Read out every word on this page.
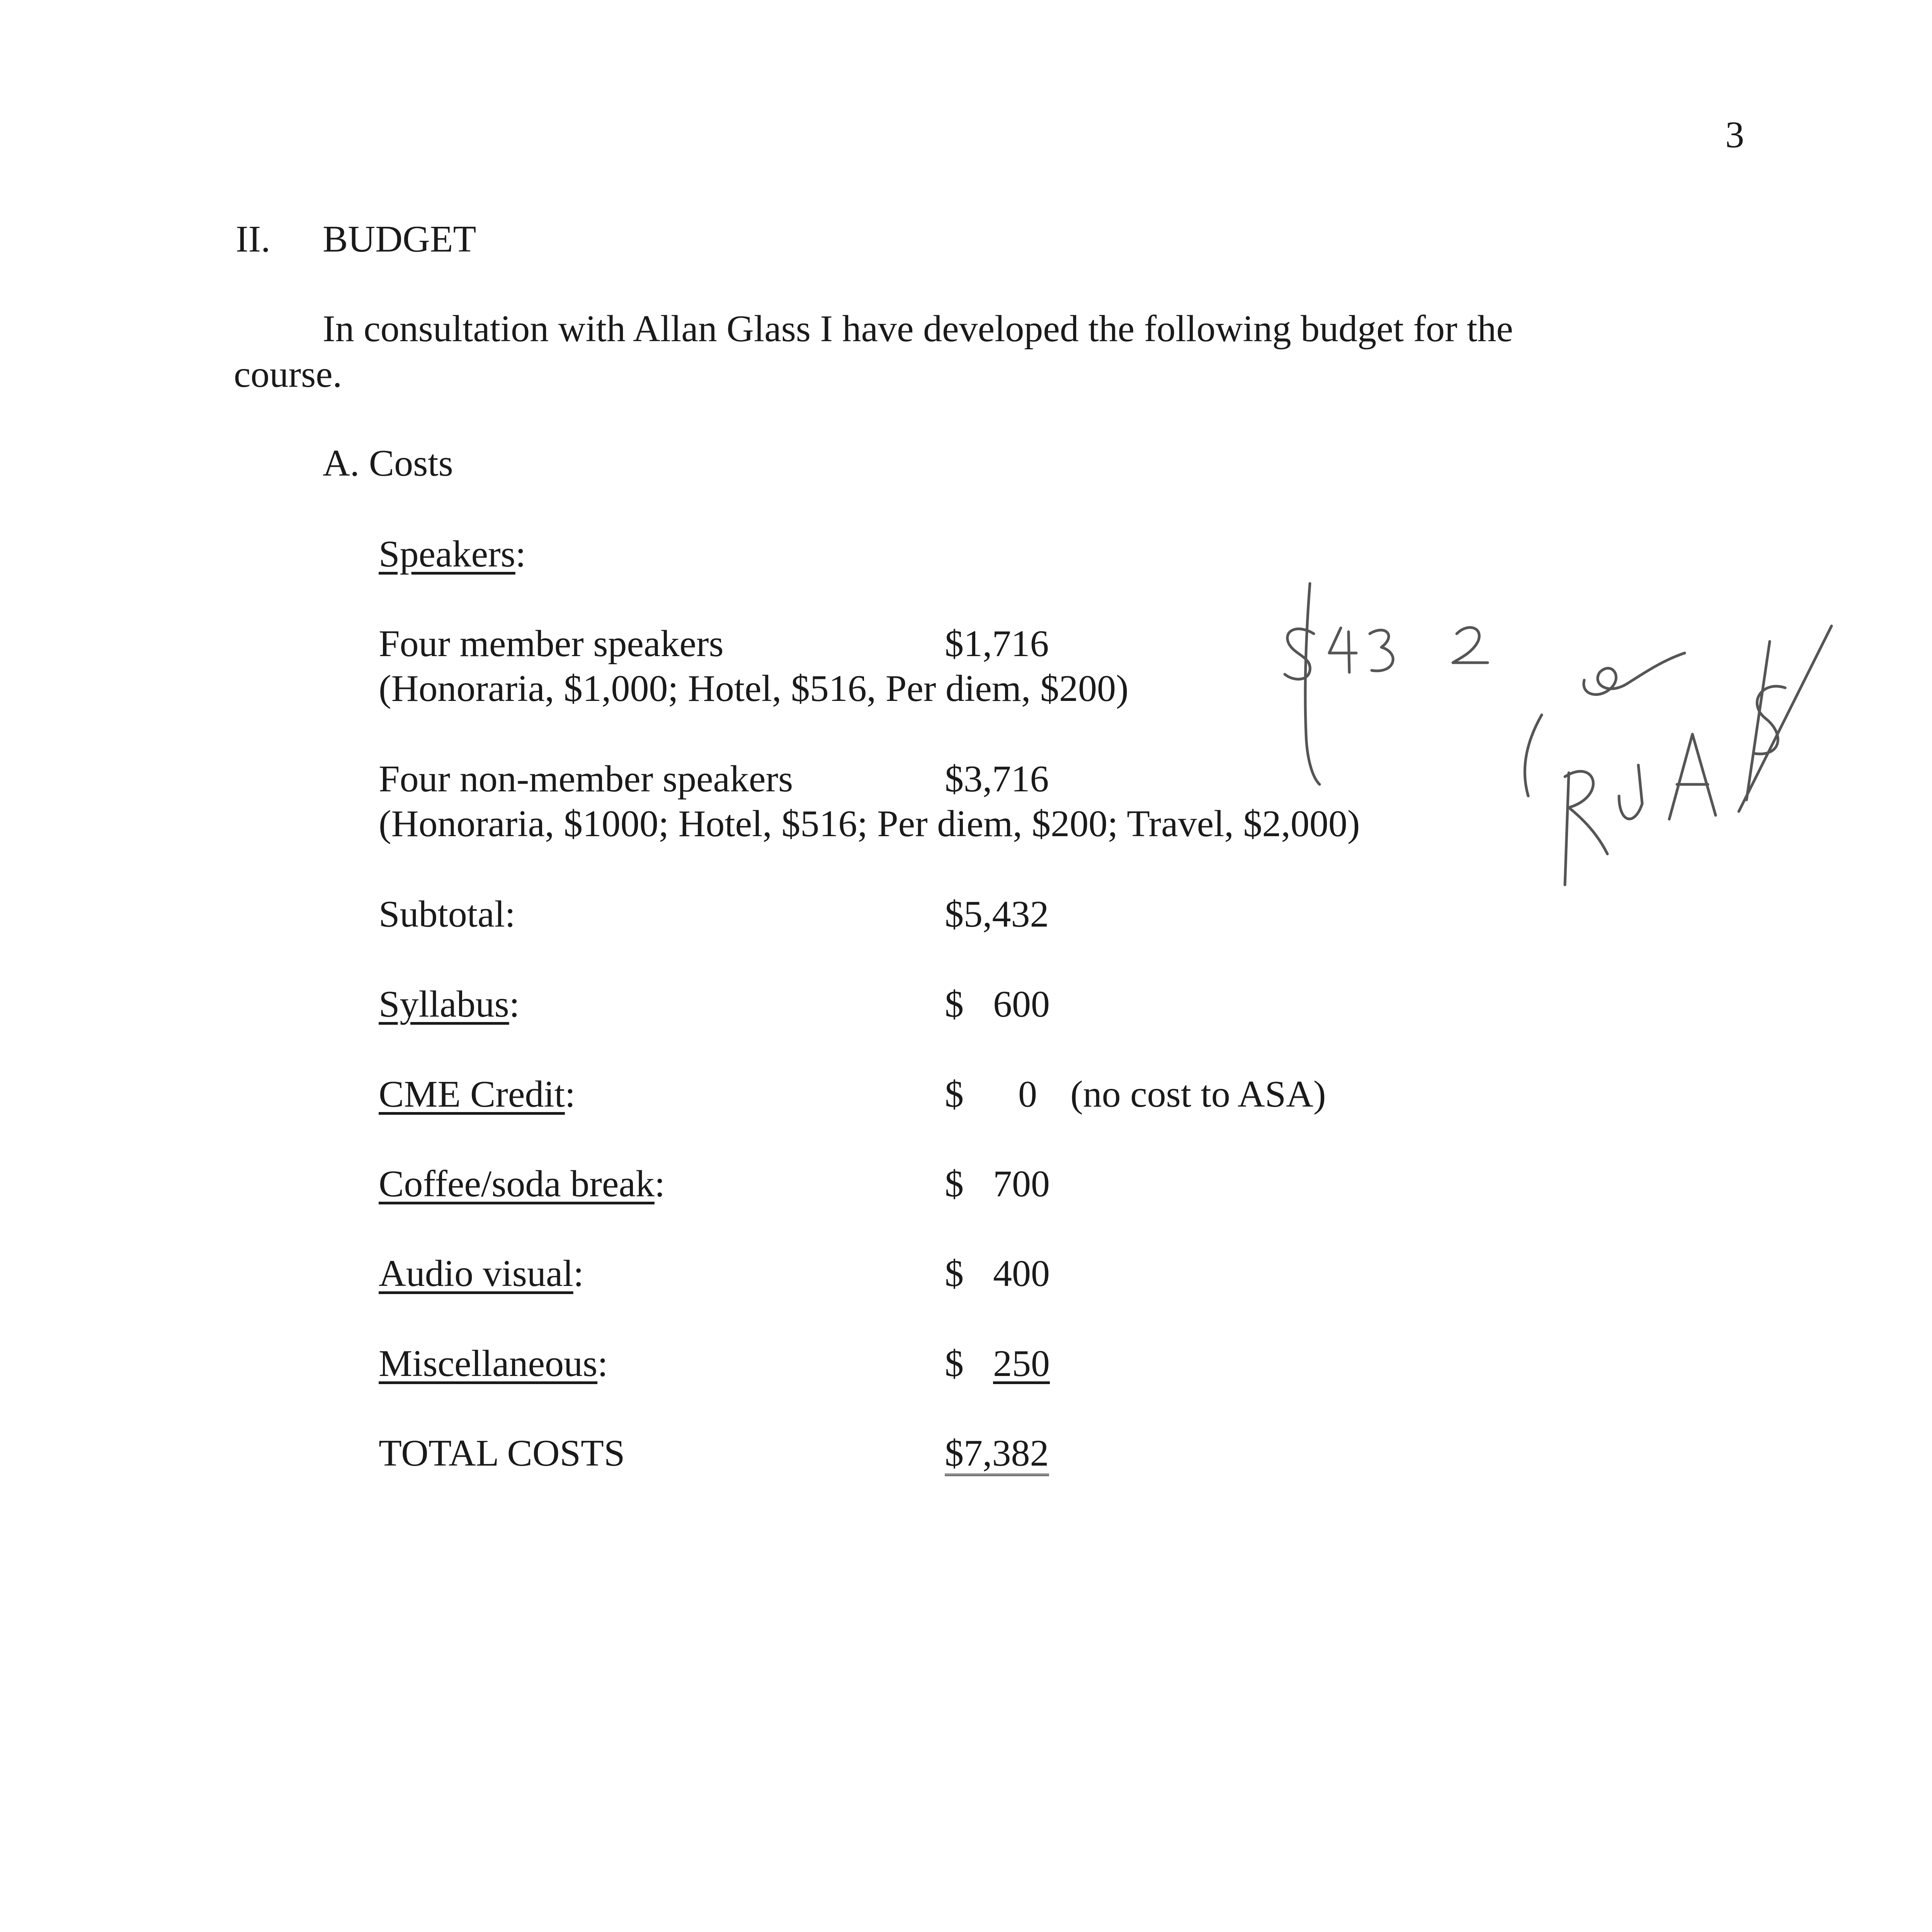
3
II. BUDGET
In consultation with Allan Glass I have developed the following budget for the
course.
A. Costs
Speakers:
Four member speakers	$1,716
(Honoraria, $1,000; Hotel, $516, Per diem, $200)
Four non-member speakers	$3,716
(Honoraria, $1000; Hotel, $516; Per diem, $200; Travel, $2,000)
Subtotal:	$5,432
Syllabus:	$ 600
CME Credit:	$ 0 (no cost to ASA)
Coffee/soda break:	$ 700
Audio visual:	$ 400
Miscellaneous:	$ 250
TOTAL COSTS	$7,382
